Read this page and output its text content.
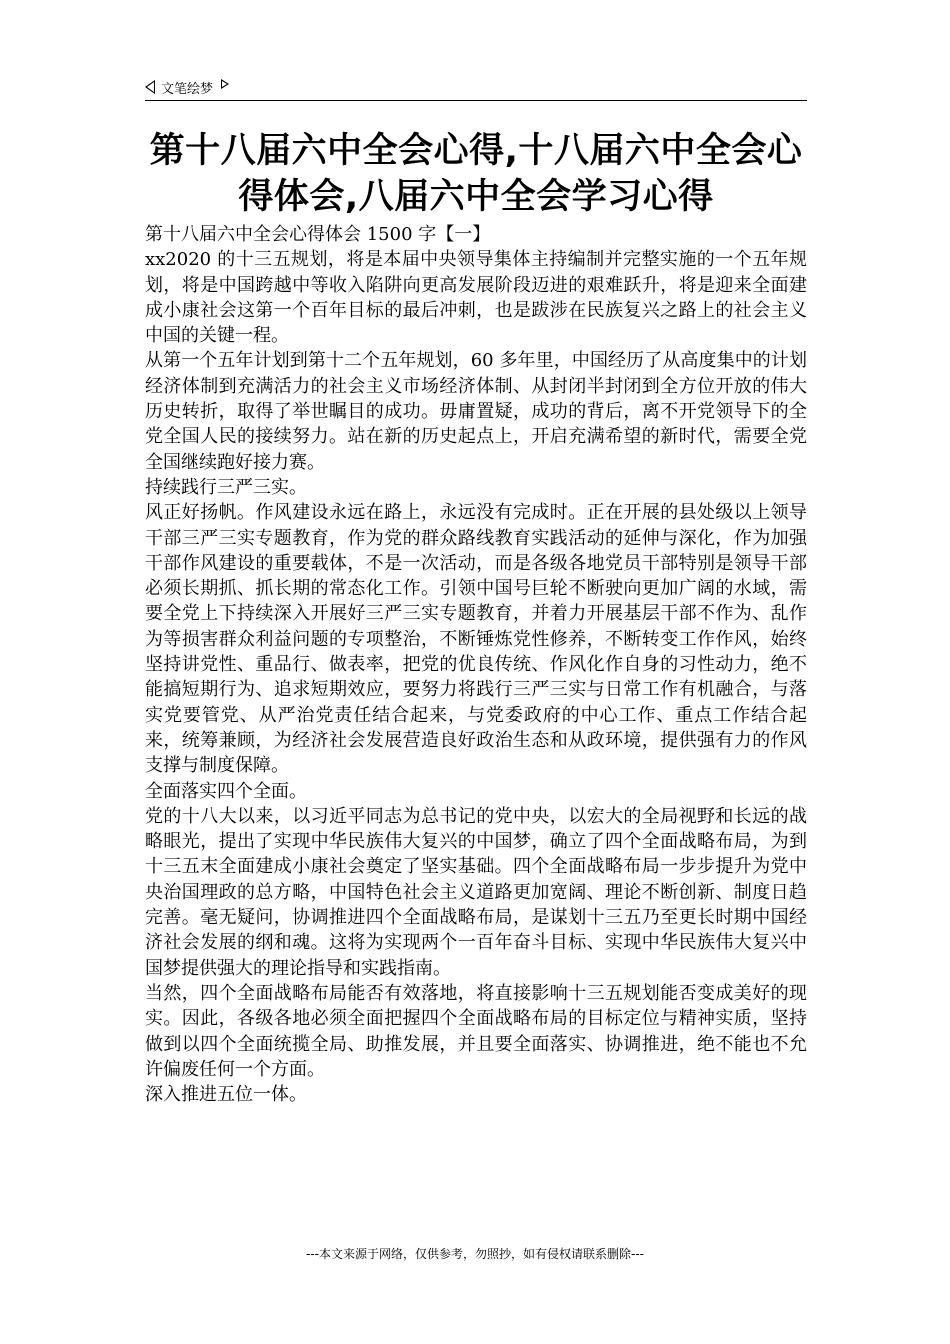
文笔绘梦
第十八届六中全会心得,十八届六中全会心得体会,八届六中全会学习心得

第十八届六中全会心得体会 1500 字【一】

xx2020 的十三五规划，将是本届中央领导集体主持编制并完整实施的一个五年规划，将是中国跨越中等收入陷阱向更高发展阶段迈进的艰难跃升，将是迎来全面建成小康社会这第一个百年目标的最后冲刺，也是跋涉在民族复兴之路上的社会主义中国的关键一程。

从第一个五年计划到第十二个五年规划，60 多年里，中国经历了从高度集中的计划经济体制到充满活力的社会主义市场经济体制、从封闭半封闭到全方位开放的伟大历史转折，取得了举世瞩目的成功。毋庸置疑，成功的背后，离不开党领导下的全党全国人民的接续努力。站在新的历史起点上，开启充满希望的新时代，需要全党全国继续跑好接力赛。

持续践行三严三实。

风正好扬帆。作风建设永远在路上，永远没有完成时。正在开展的县处级以上领导干部三严三实专题教育，作为党的群众路线教育实践活动的延伸与深化，作为加强干部作风建设的重要载体，不是一次活动，而是各级各地党员干部特别是领导干部必须长期抓、抓长期的常态化工作。引领中国号巨轮不断驶向更加广阔的水域，需要全党上下持续深入开展好三严三实专题教育，并着力开展基层干部不作为、乱作为等损害群众利益问题的专项整治，不断锤炼党性修养，不断转变工作作风，始终坚持讲党性、重品行、做表率，把党的优良传统、作风化作自身的习性动力，绝不能搞短期行为、追求短期效应，要努力将践行三严三实与日常工作有机融合，与落实党要管党、从严治党责任结合起来，与党委政府的中心工作、重点工作结合起来，统筹兼顾，为经济社会发展营造良好政治生态和从政环境，提供强有力的作风支撑与制度保障。

全面落实四个全面。

党的十八大以来，以习近平同志为总书记的党中央，以宏大的全局视野和长远的战略眼光，提出了实现中华民族伟大复兴的中国梦，确立了四个全面战略布局，为到十三五末全面建成小康社会奠定了坚实基础。四个全面战略布局一步步提升为党中央治国理政的总方略，中国特色社会主义道路更加宽阔、理论不断创新、制度日趋完善。毫无疑问，协调推进四个全面战略布局，是谋划十三五乃至更长时期中国经济社会发展的纲和魂。这将为实现两个一百年奋斗目标、实现中华民族伟大复兴中国梦提供强大的理论指导和实践指南。

当然，四个全面战略布局能否有效落地，将直接影响十三五规划能否变成美好的现实。因此，各级各地必须全面把握四个全面战略布局的目标定位与精神实质，坚持做到以四个全面统揽全局、助推发展，并且要全面落实、协调推进，绝不能也不允许偏废任何一个方面。

深入推进五位一体。

---本文来源于网络，仅供参考，勿照抄，如有侵权请联系删除---
